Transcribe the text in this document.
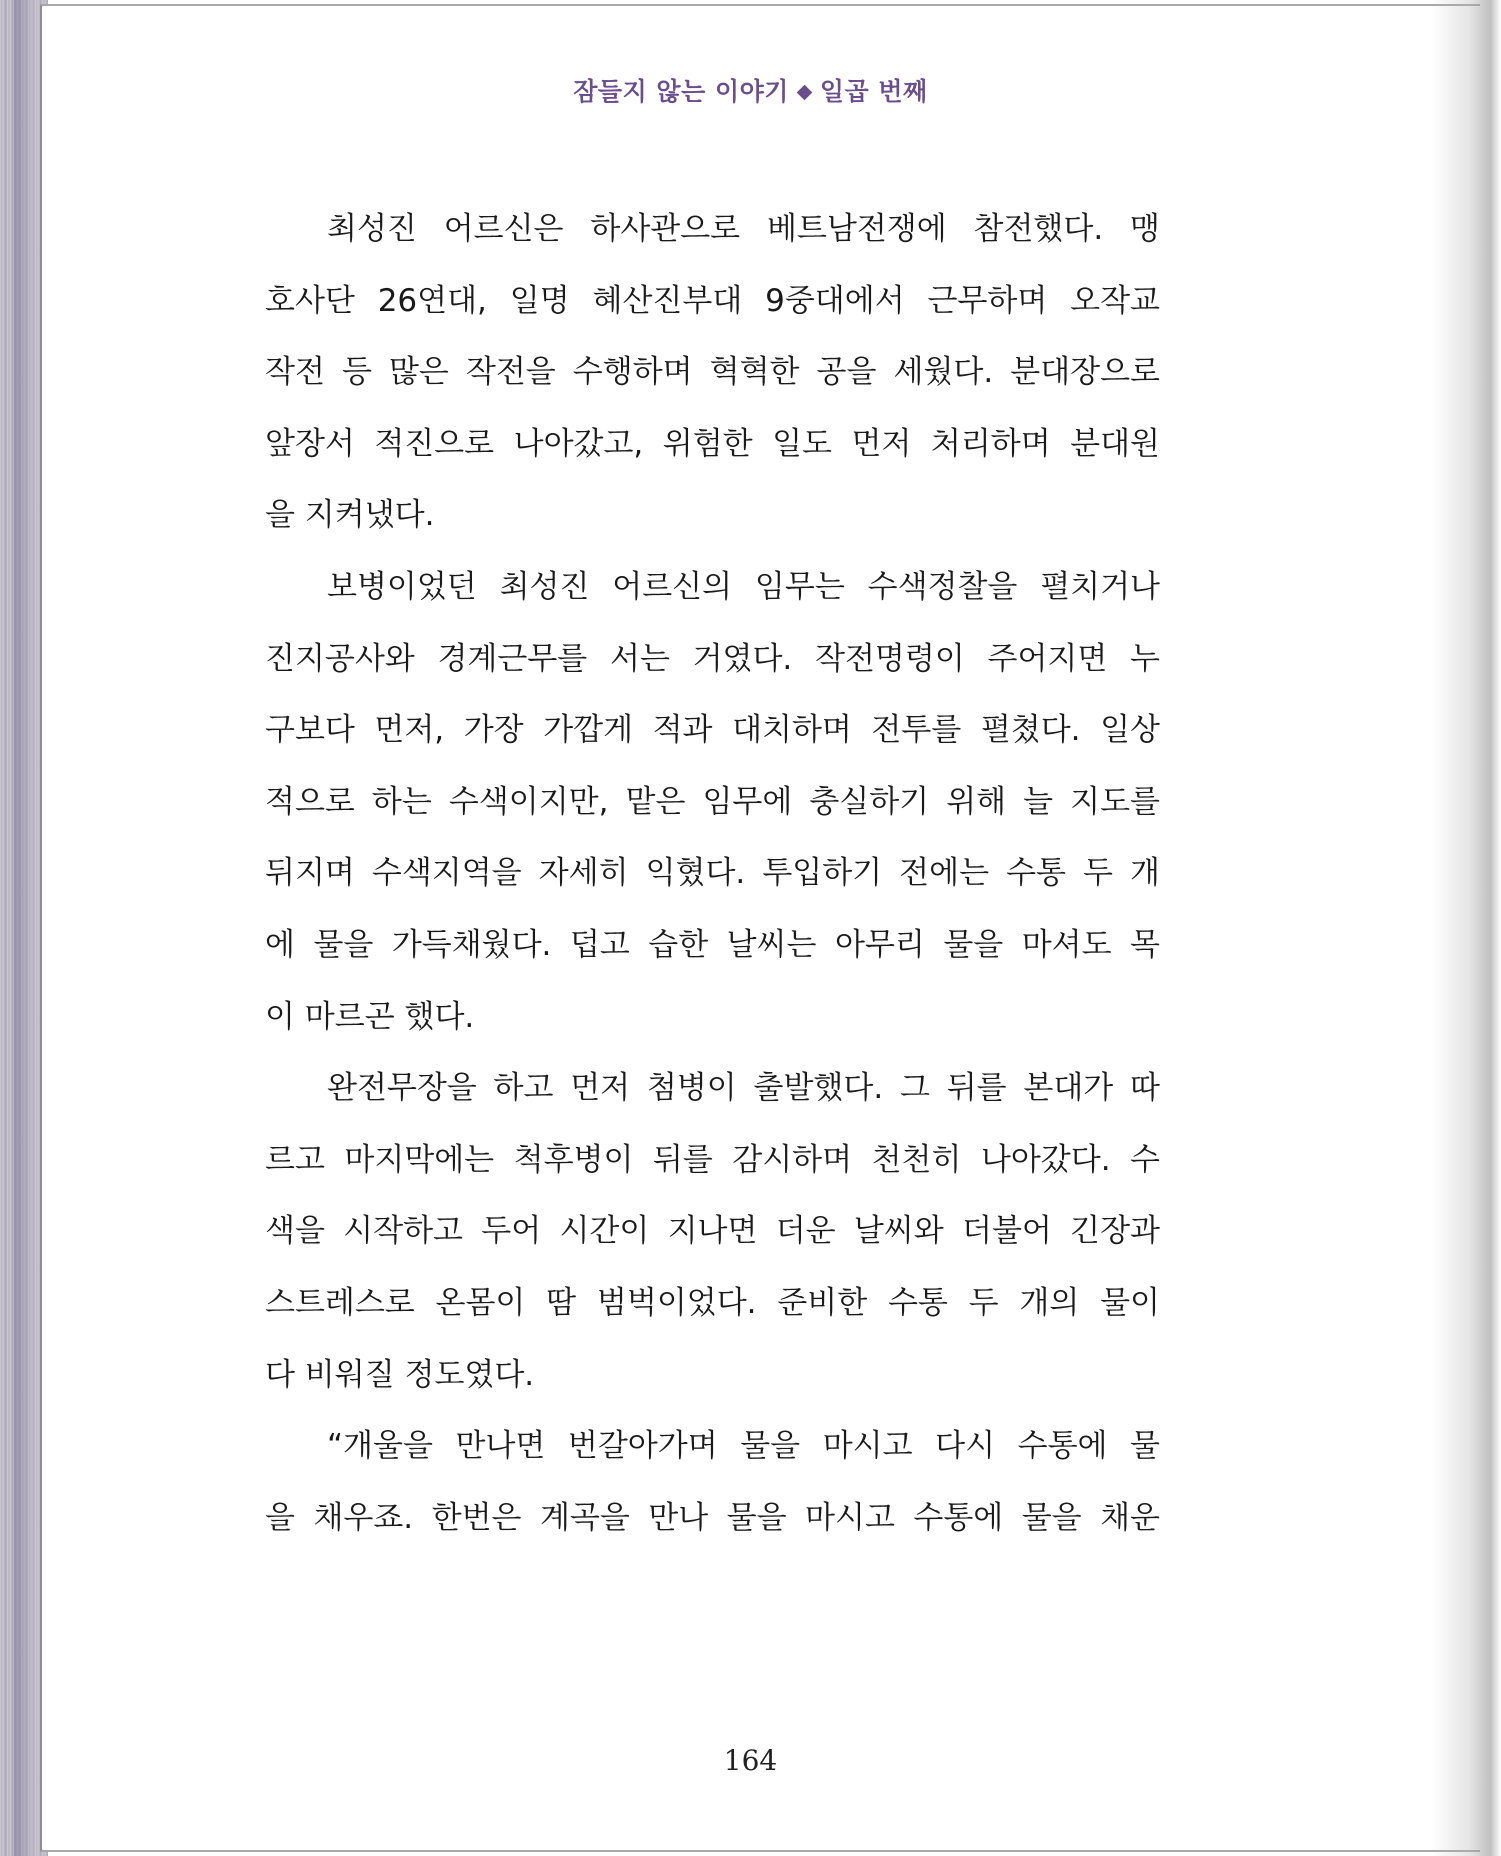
잠들지 않는 이야기 일곱 번째
최성진 어르신은 하사관으로 베트남전쟁에 참전했다. 맹
호사단 26연대, 일명 혜산진부대 9중대에서 근무하며 오작교
작전 등 많은 작전을 수행하며 혁혁한 공을 세웠다. 분대장으로
앞장서 적진으로 나아갔고, 위험한 일도 먼저 처리하며 분대원
을 지켜냈다.
보병이었던 최성진 어르신의 임무는 수색정찰을 펼치거나
진지공사와 경계근무를 서는 거였다. 작전명령이 주어지면 누
구보다 먼저, 가장 가깝게 적과 대치하며 전투를 펼쳤다. 일상
적으로 하는 수색이지만, 맡은 임무에 충실하기 위해 늘 지도를
뒤지며 수색지역을 자세히 익혔다. 투입하기 전에는 수통 두 개
에 물을 가득채웠다. 덥고 습한 날씨는 아무리 물을 마셔도 목
이 마르곤 했다.
완전무장을 하고 먼저 첨병이 출발했다. 그 뒤를 본대가 따
르고 마지막에는 척후병이 뒤를 감시하며 천천히 나아갔다. 수
색을 시작하고 두어 시간이 지나면 더운 날씨와 더불어 긴장과
스트레스로 온몸이 땀 범벅이었다. 준비한 수통 두 개의 물이
다 비워질 정도였다.
“개울을 만나면 번갈아가며 물을 마시고 다시 수통에 물
을 채우죠. 한번은 계곡을 만나 물을 마시고 수통에 물을 채운
164
